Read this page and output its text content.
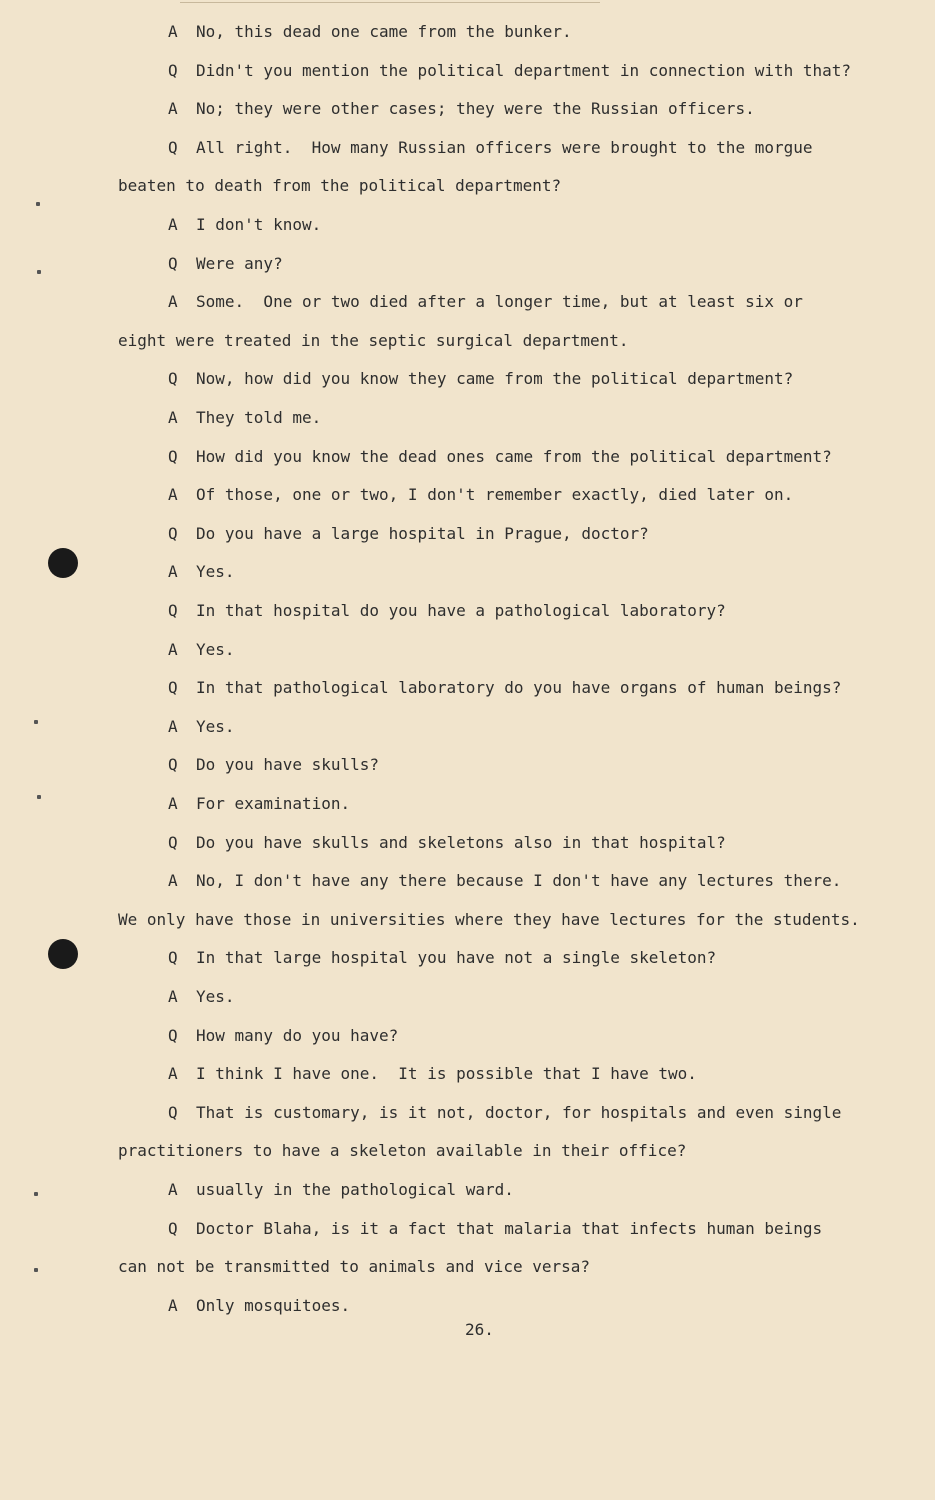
A No, this dead one came from the bunker.
Q Didn't you mention the political department in connection with that?
A No; they were other cases; they were the Russian officers.
Q All right.  How many Russian officers were brought to the morgue
beaten to death from the political department?
A I don't know.
Q Were any?
A Some.  One or two died after a longer time, but at least six or
eight were treated in the septic surgical department.
Q Now, how did you know they came from the political department?
A They told me.
Q How did you know the dead ones came from the political department?
A Of those, one or two, I don't remember exactly, died later on.
Q Do you have a large hospital in Prague, doctor?
A Yes.
Q In that hospital do you have a pathological laboratory?
A Yes.
Q In that pathological laboratory do you have organs of human beings?
A Yes.
Q Do you have skulls?
A For examination.
Q Do you have skulls and skeletons also in that hospital?
A No, I don't have any there because I don't have any lectures there.
We only have those in universities where they have lectures for the students.
Q In that large hospital you have not a single skeleton?
A Yes.
Q How many do you have?
A I think I have one.  It is possible that I have two.
Q That is customary, is it not, doctor, for hospitals and even single
practitioners to have a skeleton available in their office?
A usually in the pathological ward.
Q Doctor Blaha, is it a fact that malaria that infects human beings
can not be transmitted to animals and vice versa?
A Only mosquitoes.
26.
